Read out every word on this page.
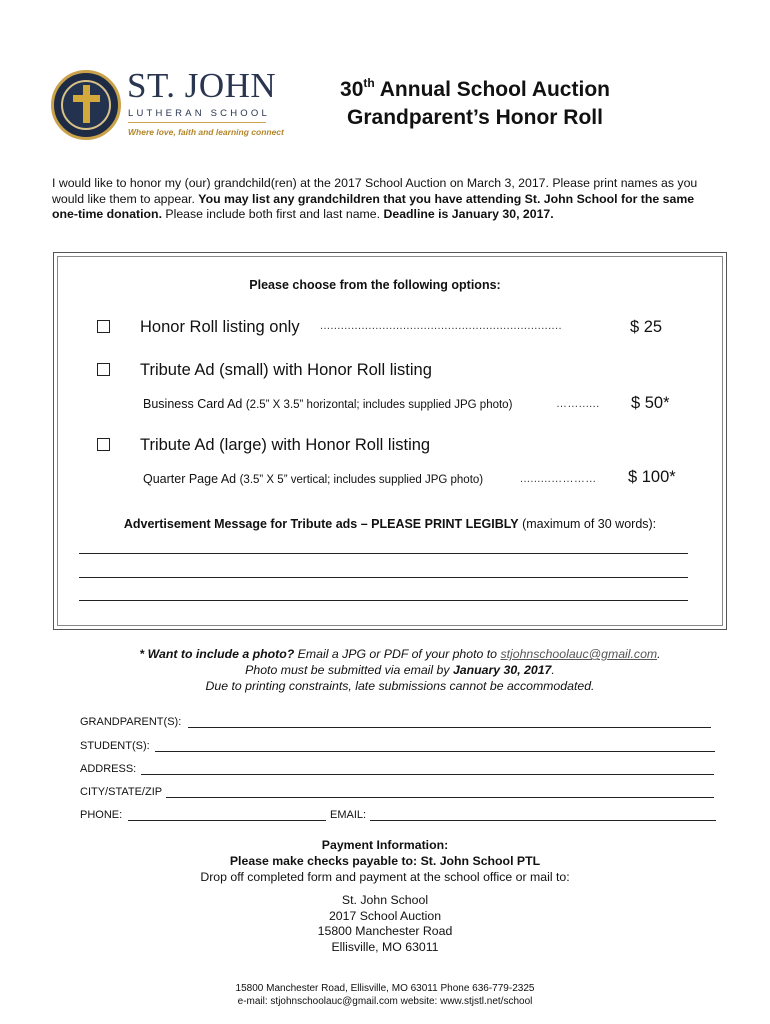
ST. JOHN
LUTHERAN SCHOOL
Where love, faith and learning connect
30th Annual School Auction
Grandparent’s Honor Roll
I would like to honor my (our) grandchild(ren) at the 2017 School Auction on March 3, 2017. Please print names as you would like them to appear. You may list any grandchildren that you have attending St. John School for the same one-time donation. Please include both first and last name. Deadline is January 30, 2017.
Please choose from the following options:
Honor Roll listing only ......................................................................	$ 25
Tribute Ad (small) with Honor Roll listing
Business Card Ad (2.5” X 3.5” horizontal; includes supplied JPG photo)	……...... $ 50*
Tribute Ad (large) with Honor Roll listing
Quarter Page Ad (3.5” X 5” vertical; includes supplied JPG photo)	.........………… $ 100*
Advertisement Message for Tribute ads – PLEASE PRINT LEGIBLY (maximum of 30 words):
* Want to include a photo? Email a JPG or PDF of your photo to stjohnschoolauc@gmail.com.
Photo must be submitted via email by January 30, 2017.
Due to printing constraints, late submissions cannot be accommodated.
GRANDPARENT(S):
STUDENT(S):
ADDRESS:
CITY/STATE/ZIP
PHONE:	EMAIL:
Payment Information:
Please make checks payable to: St. John School PTL
Drop off completed form and payment at the school office or mail to:
St. John School
2017 School Auction
15800 Manchester Road
Ellisville, MO 63011
15800 Manchester Road, Ellisville, MO 63011 Phone 636-779-2325
e-mail: stjohnschoolauc@gmail.com website: www.stjstl.net/school
